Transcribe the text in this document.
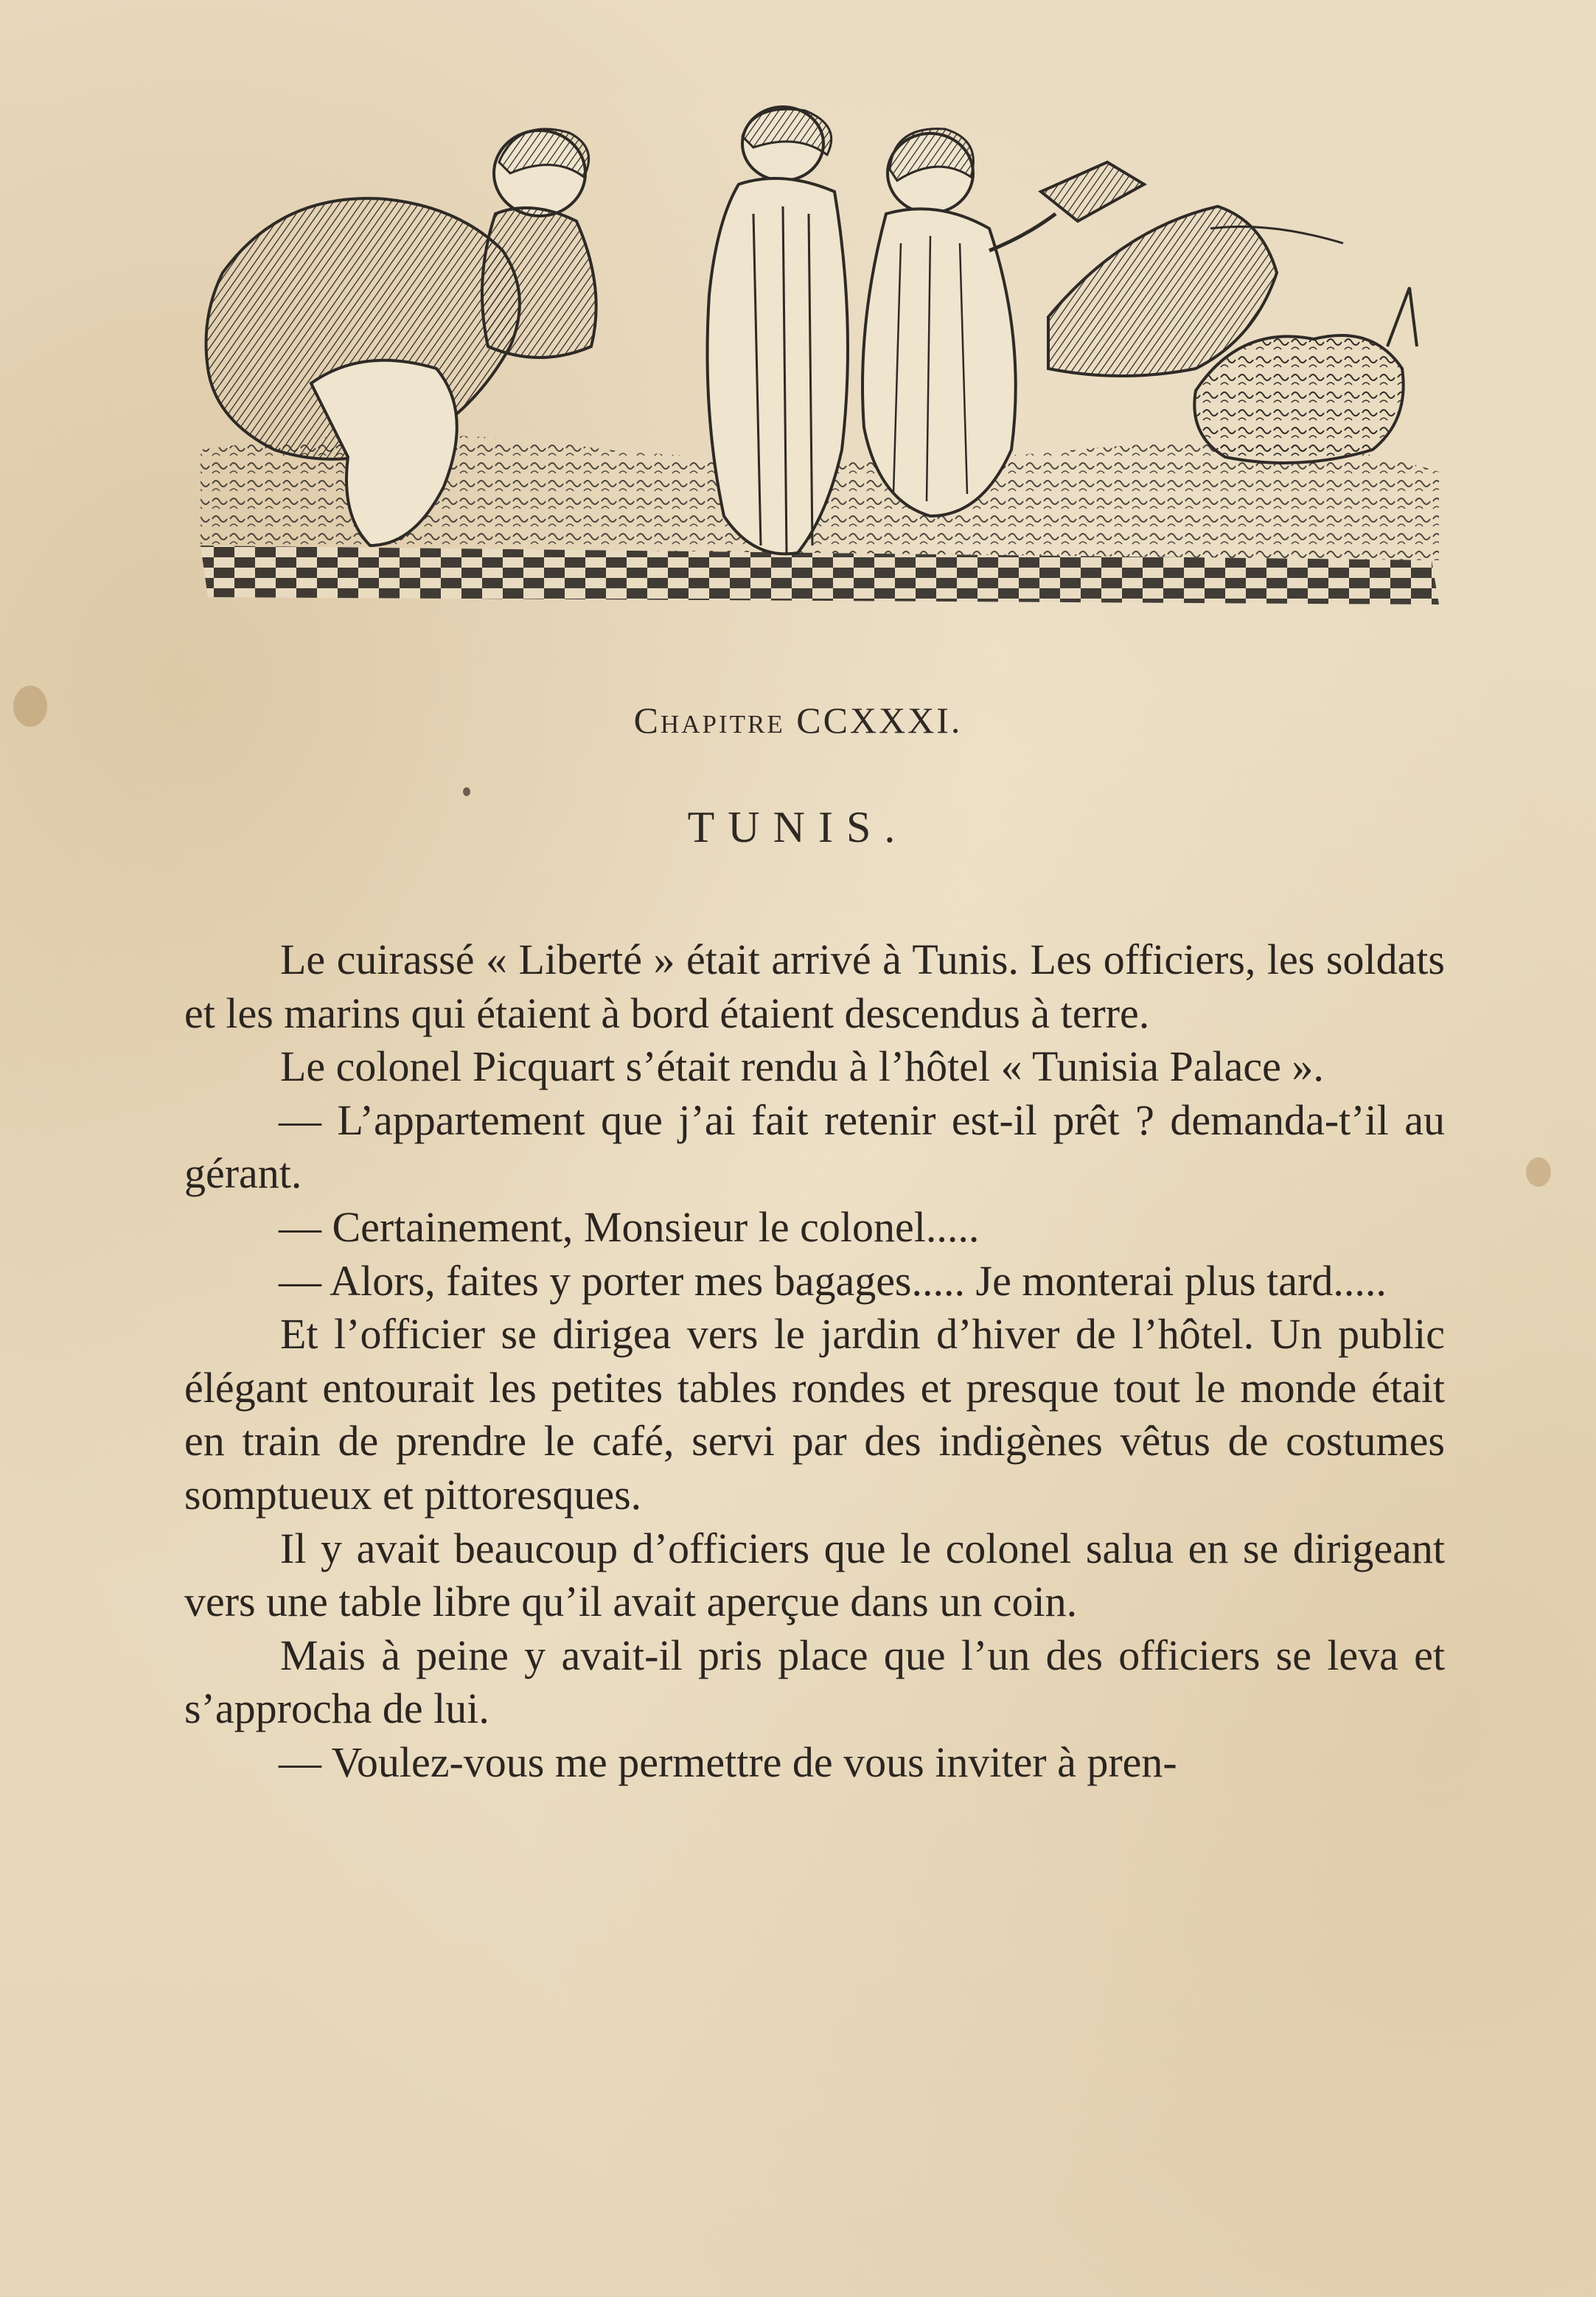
Chapitre CCXXXI.
TUNIS.

Le cuirassé « Liberté » était arrivé à Tunis. Les officiers, les soldats et les marins qui étaient à bord étaient descendus à terre.

Le colonel Picquart s’était rendu à l’hôtel « Tunisia Palace ».

— L’appartement que j’ai fait retenir est-il prêt ? demanda-t’il au gérant.

— Certainement, Monsieur le colonel.....

— Alors, faites y porter mes bagages..... Je monterai plus tard.....

Et l’officier se dirigea vers le jardin d’hiver de l’hôtel. Un public élégant entourait les petites tables rondes et presque tout le monde était en train de prendre le café, servi par des indigènes vêtus de costumes somptueux et pittoresques.

Il y avait beaucoup d’officiers que le colonel salua en se dirigeant vers une table libre qu’il avait aperçue dans un coin.

Mais à peine y avait-il pris place que l’un des officiers se leva et s’approcha de lui.

— Voulez-vous me permettre de vous inviter à pren-
